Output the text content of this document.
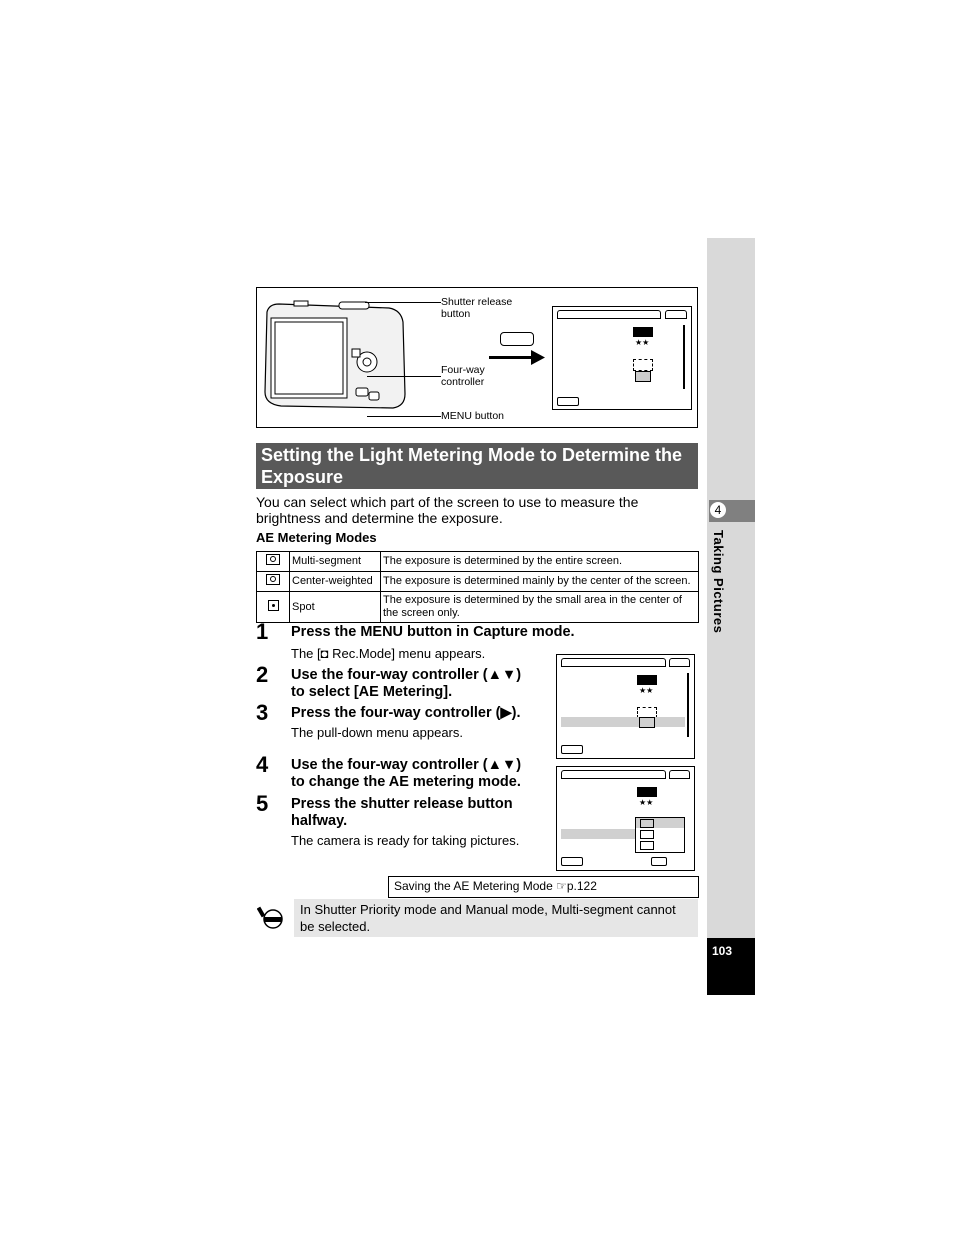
4
Taking Pictures
103
Shutter release
button
Four-way
controller
MENU button
★★
Setting the Light Metering Mode to Determine the Exposure
You can select which part of the screen to use to measure the brightness and determine the exposure.
AE Metering Modes
	Multi-segment	The exposure is determined by the entire screen.

	Center-weighted	The exposure is determined mainly by the center of the screen.

	Spot	The exposure is determined by the small area in the center of the screen only.
1 Press the MENU button in Capture mode.
The [◘ Rec.Mode] menu appears.
2 Use the four-way controller (▲▼)
to select [AE Metering].
3 Press the four-way controller (▶).
The pull-down menu appears.
4 Use the four-way controller (▲▼)
to change the AE metering mode.
5 Press the shutter release button
halfway.
The camera is ready for taking pictures.
★★
★★
Saving the AE Metering Mode ☞p.122
In Shutter Priority mode and Manual mode, Multi-segment cannot be selected.
